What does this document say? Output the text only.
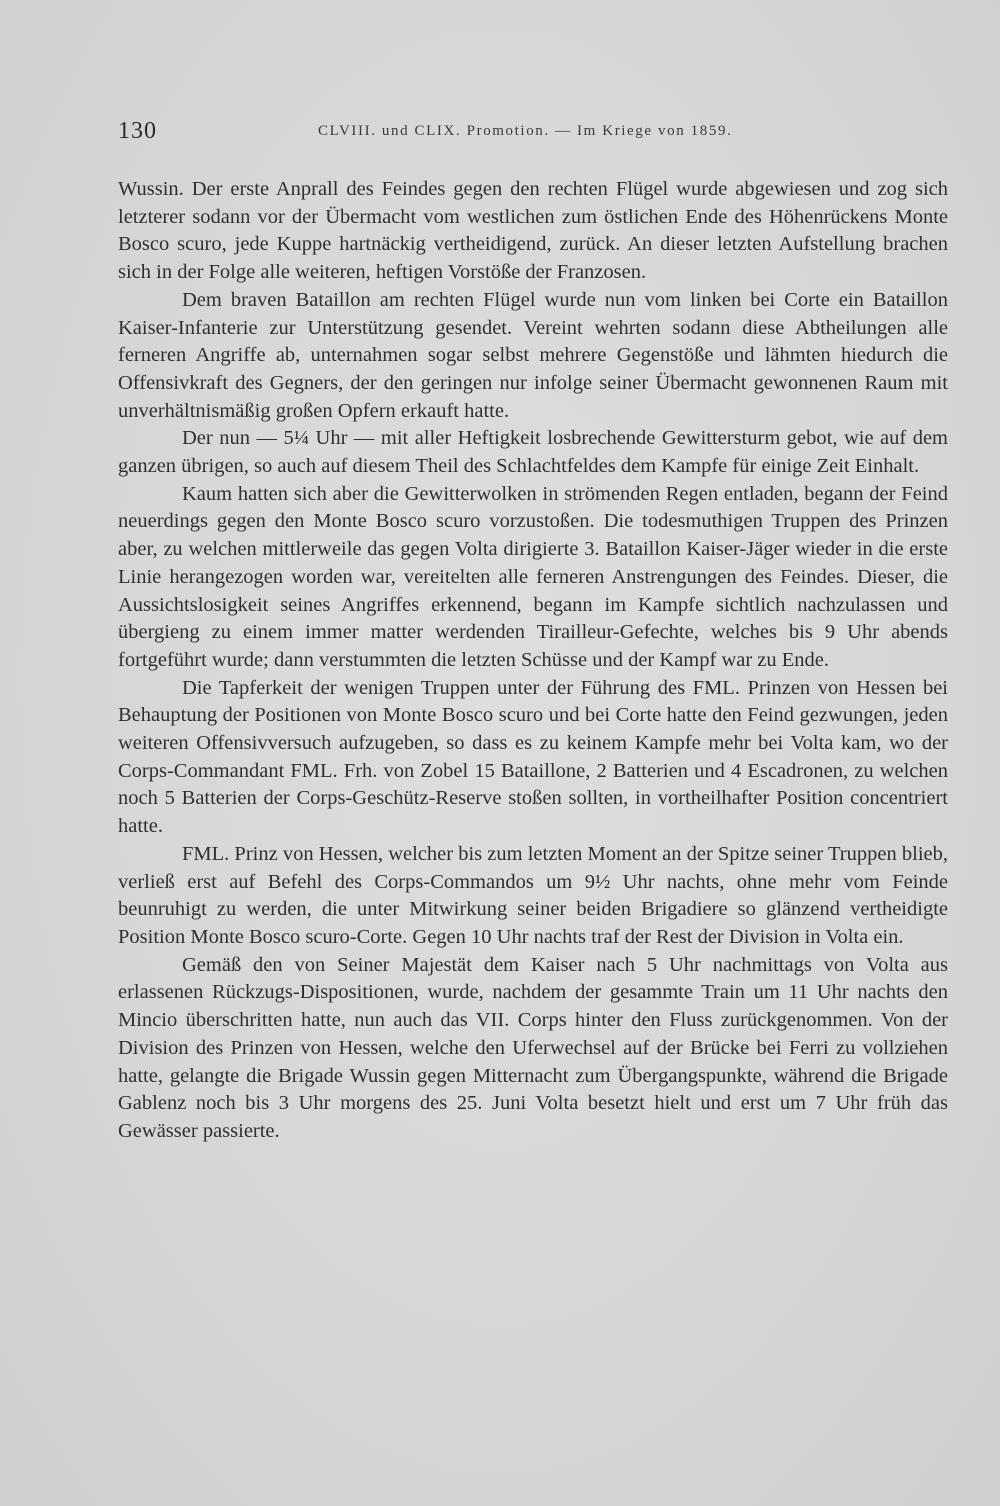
130	CLVIII. und CLIX. Promotion. — Im Kriege von 1859.

Wussin. Der erste Anprall des Feindes gegen den rechten Flügel wurde abgewiesen und zog sich letzterer sodann vor der Übermacht vom westlichen zum östlichen Ende des Höhenrückens Monte Bosco scuro, jede Kuppe hartnäckig vertheidigend, zurück. An dieser letzten Aufstellung brachen sich in der Folge alle weiteren, heftigen Vorstöße der Franzosen.

Dem braven Bataillon am rechten Flügel wurde nun vom linken bei Corte ein Bataillon Kaiser-Infanterie zur Unterstützung gesendet. Vereint wehrten sodann diese Abtheilungen alle ferneren Angriffe ab, unternahmen sogar selbst mehrere Gegenstöße und lähmten hiedurch die Offensivkraft des Gegners, der den geringen nur infolge seiner Übermacht gewonnenen Raum mit unverhältnismäßig großen Opfern erkauft hatte.

Der nun — 5¼ Uhr — mit aller Heftigkeit losbrechende Gewittersturm gebot, wie auf dem ganzen übrigen, so auch auf diesem Theil des Schlachtfeldes dem Kampfe für einige Zeit Einhalt.

Kaum hatten sich aber die Gewitterwolken in strömenden Regen entladen, begann der Feind neuerdings gegen den Monte Bosco scuro vorzustoßen. Die todesmuthigen Truppen des Prinzen aber, zu welchen mittlerweile das gegen Volta dirigierte 3. Bataillon Kaiser-Jäger wieder in die erste Linie herangezogen worden war, vereitelten alle ferneren Anstrengungen des Feindes. Dieser, die Aussichtslosigkeit seines Angriffes erkennend, begann im Kampfe sichtlich nachzulassen und übergieng zu einem immer matter werdenden Tirailleur-Gefechte, welches bis 9 Uhr abends fortgeführt wurde; dann verstummten die letzten Schüsse und der Kampf war zu Ende.

Die Tapferkeit der wenigen Truppen unter der Führung des FML. Prinzen von Hessen bei Behauptung der Positionen von Monte Bosco scuro und bei Corte hatte den Feind gezwungen, jeden weiteren Offensivversuch aufzugeben, so dass es zu keinem Kampfe mehr bei Volta kam, wo der Corps-Commandant FML. Frh. von Zobel 15 Bataillone, 2 Batterien und 4 Escadronen, zu welchen noch 5 Batterien der Corps-Geschütz-Reserve stoßen sollten, in vortheilhafter Position concentriert hatte.

FML. Prinz von Hessen, welcher bis zum letzten Moment an der Spitze seiner Truppen blieb, verließ erst auf Befehl des Corps-Commandos um 9½ Uhr nachts, ohne mehr vom Feinde beunruhigt zu werden, die unter Mitwirkung seiner beiden Brigadiere so glänzend vertheidigte Position Monte Bosco scuro-Corte. Gegen 10 Uhr nachts traf der Rest der Division in Volta ein.

Gemäß den von Seiner Majestät dem Kaiser nach 5 Uhr nachmittags von Volta aus erlassenen Rückzugs-Dispositionen, wurde, nachdem der gesammte Train um 11 Uhr nachts den Mincio überschritten hatte, nun auch das VII. Corps hinter den Fluss zurückgenommen. Von der Division des Prinzen von Hessen, welche den Uferwechsel auf der Brücke bei Ferri zu vollziehen hatte, gelangte die Brigade Wussin gegen Mitternacht zum Übergangspunkte, während die Brigade Gablenz noch bis 3 Uhr morgens des 25. Juni Volta besetzt hielt und erst um 7 Uhr früh das Gewässer passierte.
